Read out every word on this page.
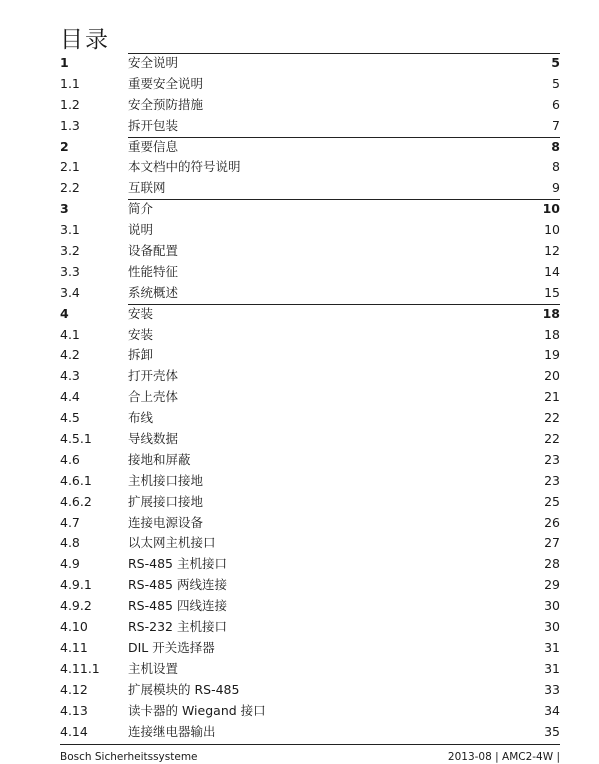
目录
1	安全说明	5
1.1	重要安全说明	5
1.2	安全预防措施	6
1.3	拆开包装	7
2	重要信息	8
2.1	本文档中的符号说明	8
2.2	互联网	9
3	简介	10
3.1	说明	10
3.2	设备配置	12
3.3	性能特征	14
3.4	系统概述	15
4	安装	18
4.1	安装	18
4.2	拆卸	19
4.3	打开壳体	20
4.4	合上壳体	21
4.5	布线	22
4.5.1	导线数据	22
4.6	接地和屏蔽	23
4.6.1	主机接口接地	23
4.6.2	扩展接口接地	25
4.7	连接电源设备	26
4.8	以太网主机接口	27
4.9	RS-485 主机接口	28
4.9.1	RS-485 两线连接	29
4.9.2	RS-485 四线连接	30
4.10	RS-232 主机接口	30
4.11	DIL 开关选择器	31
4.11.1 主机设置	31
4.12	扩展模块的 RS-485	33
4.13	读卡器的 Wiegand 接口	34
4.14	连接继电器输出	35
Bosch Sicherheitssysteme	2013-08 | AMC2-4W |
